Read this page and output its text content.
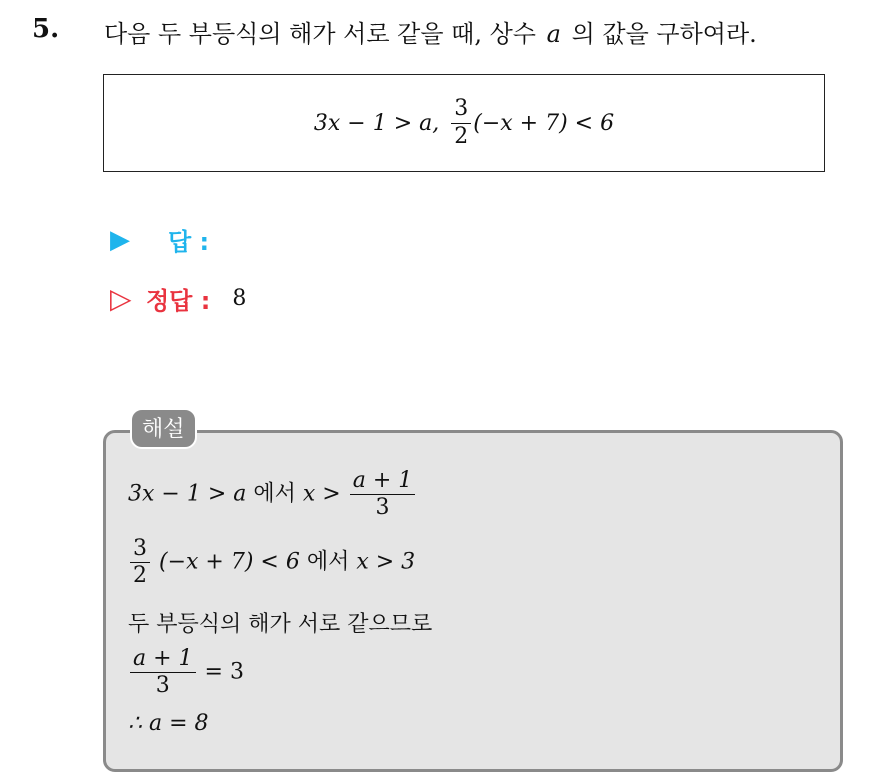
5. 다음 두 부등식의 해가 서로 같을 때, 상수 a 의 값을 구하여라.
3x − 1 > a, $\frac{3}{2} (-x + 7) < 6$
▶	답 :
▷ 정답 : 8
해설
3x − 1 > a 에서 $x > \frac{a + 1}{3}$
$\frac{3}{2} (-x + 7) < 6$ 에서 x > 3
두 부등식의 해가 서로 같으므로
$\frac{a + 1}{3} = 3$
∴ a = 8
